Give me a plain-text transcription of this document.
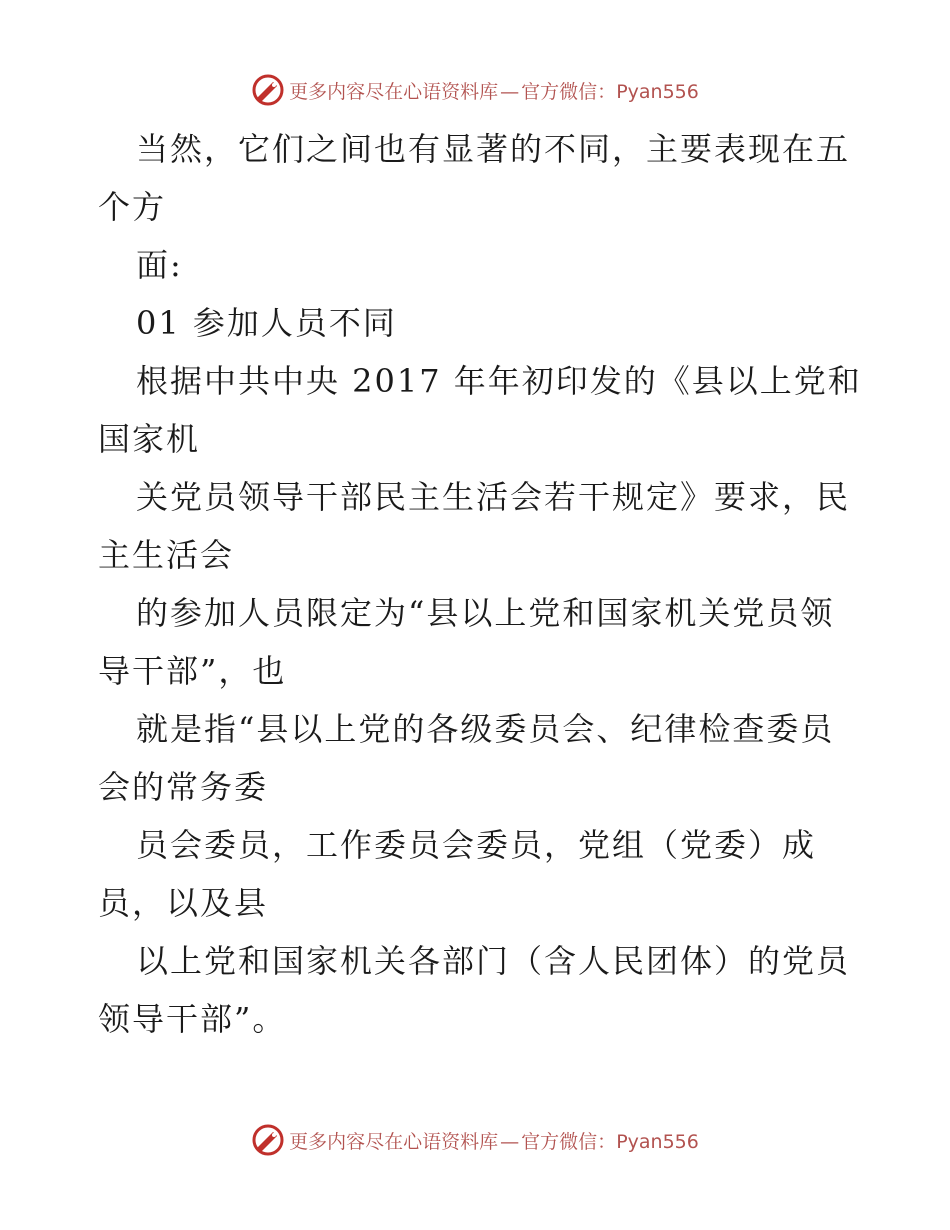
更多内容尽在心语资料库 — 官方微信：Pyan556

当然，它们之间也有显著的不同，主要表现在五
个方

面:

01 参加人员不同

根据中共中央 2017 年年初印发的《县以上党和
国家机

关党员领导干部民主生活会若干规定》要求，民
主生活会

的参加人员限定为“县以上党和国家机关党员领
导干部”，也

就是指“县以上党的各级委员会、纪律检查委员
会的常务委

员会委员，工作委员会委员，党组（党委）成
员，以及县

以上党和国家机关各部门（含人民团体）的党员
领导干部”。

更多内容尽在心语资料库 — 官方微信：Pyan556
